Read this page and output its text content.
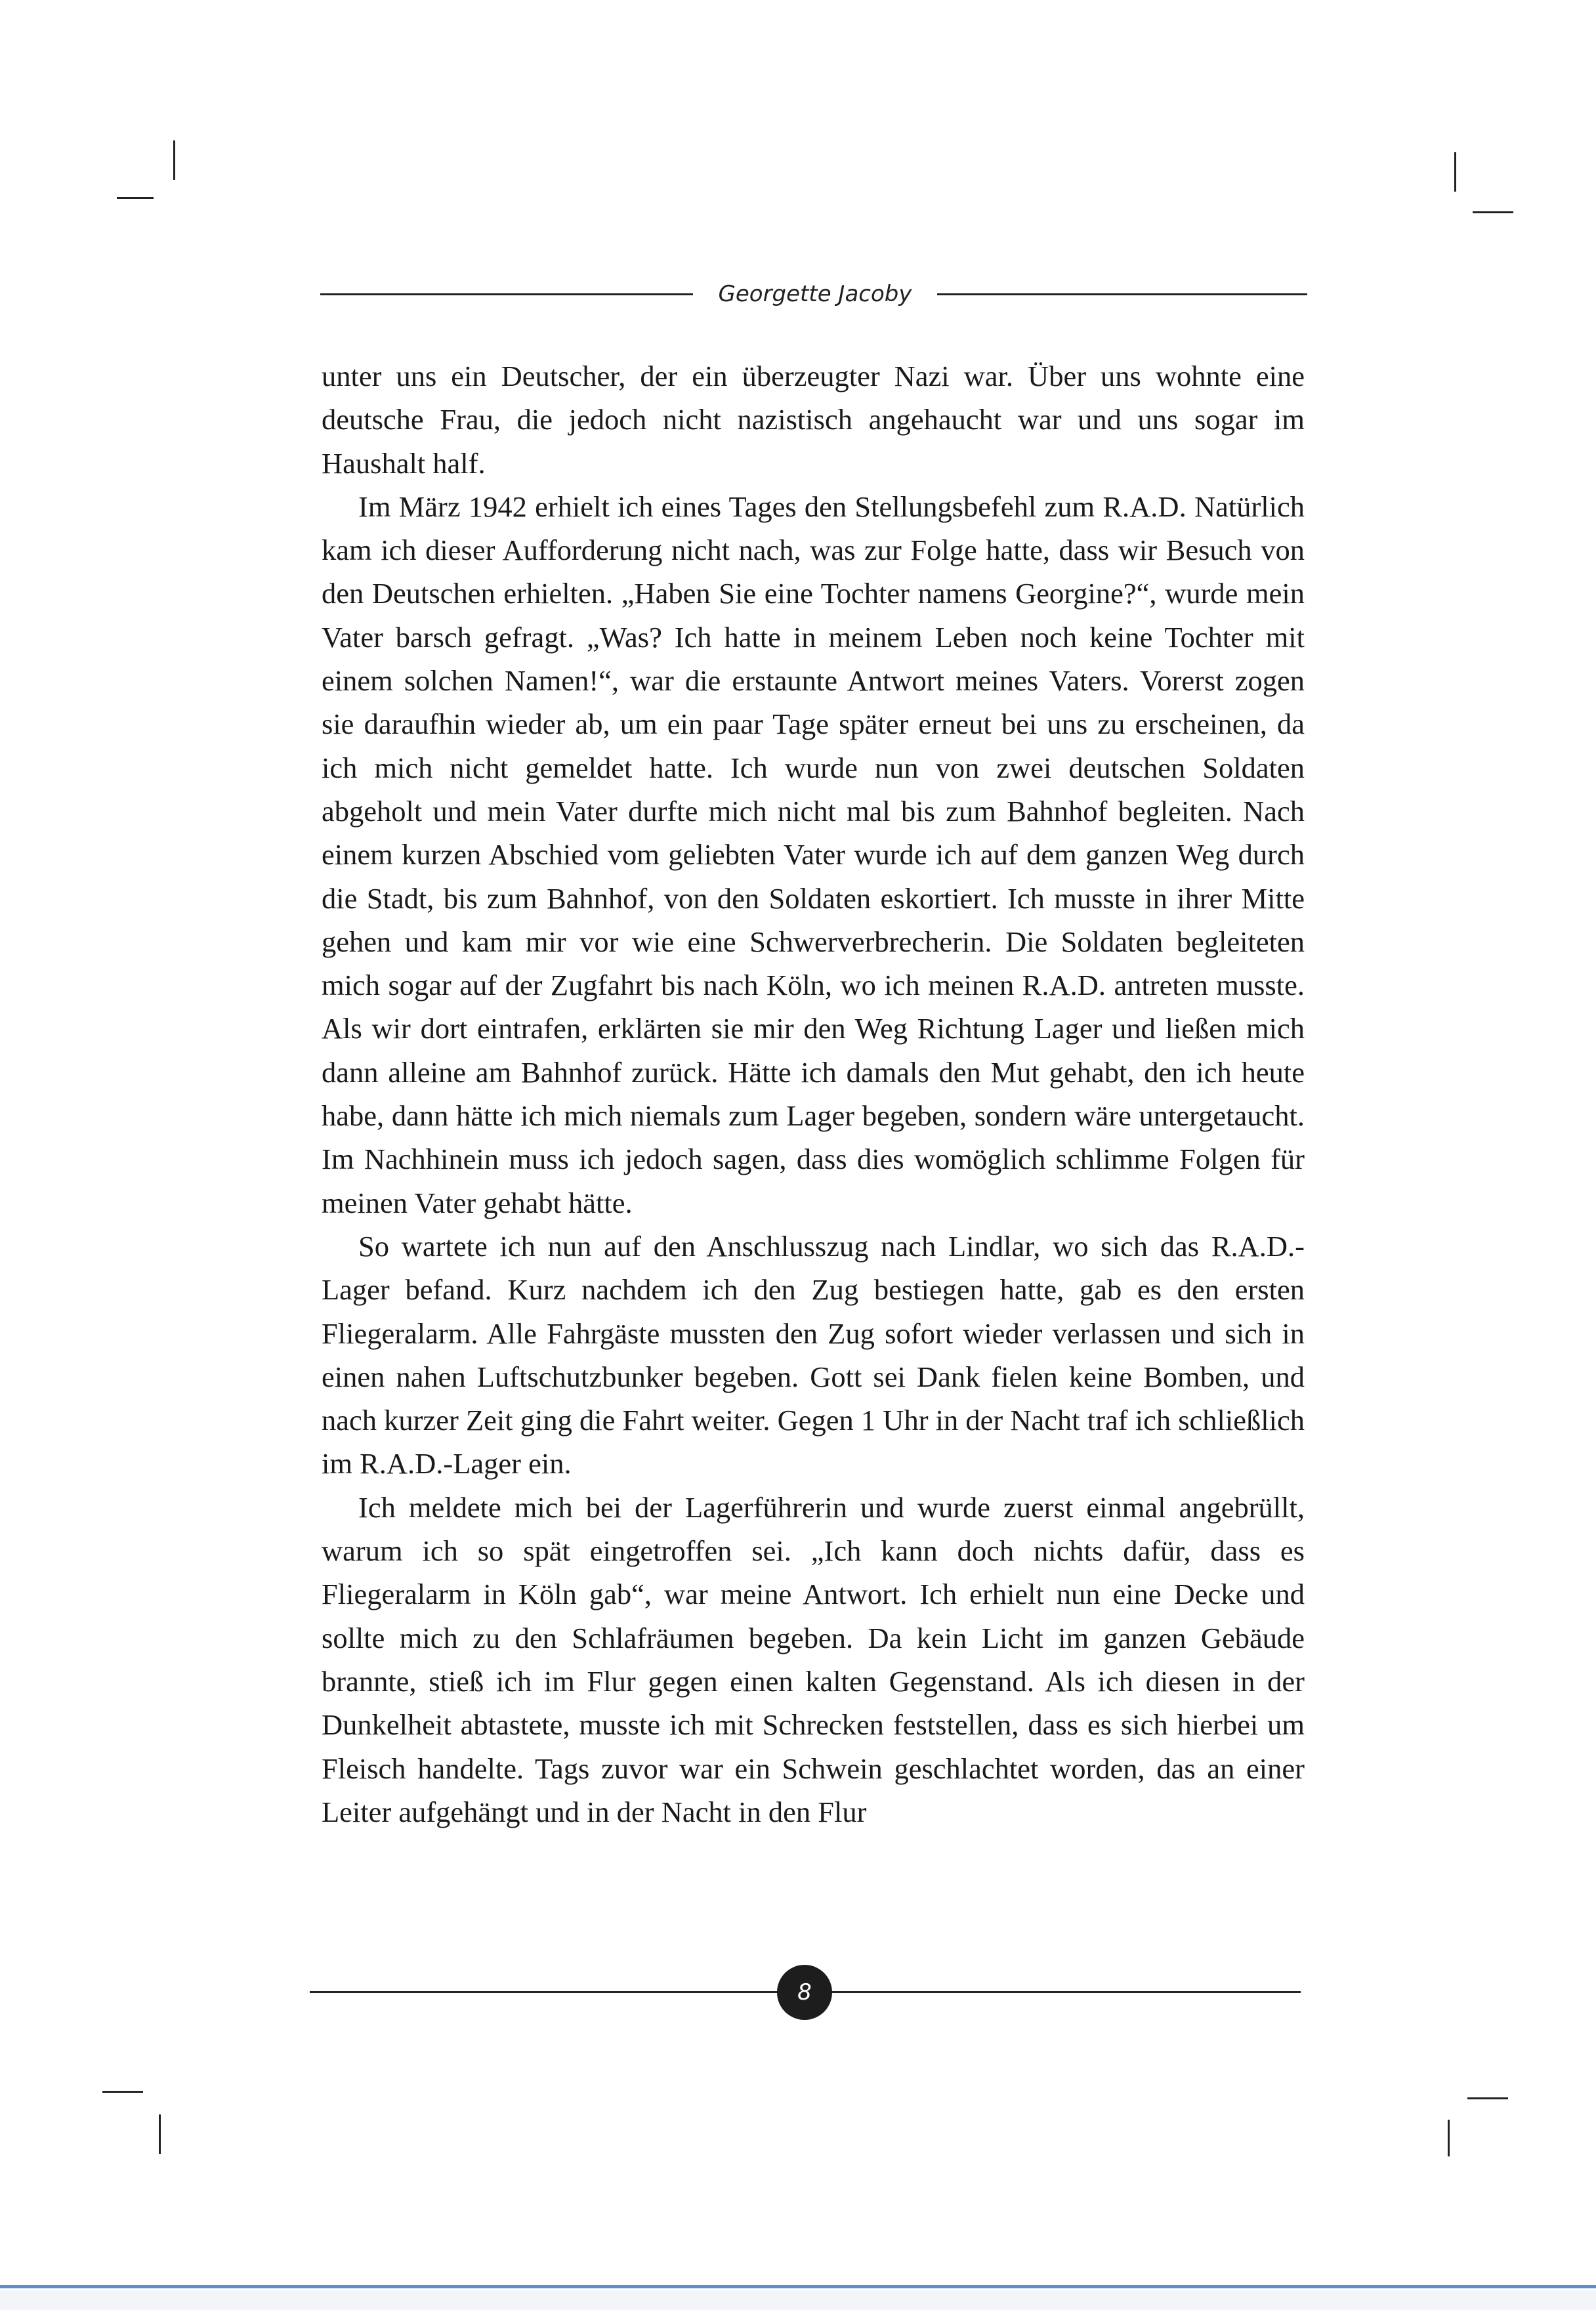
Georgette Jacoby

unter uns ein Deutscher, der ein überzeugter Nazi war. Über uns wohnte eine deutsche Frau, die jedoch nicht nazistisch angehaucht war und uns sogar im Haushalt half.

Im März 1942 erhielt ich eines Tages den Stellungsbefehl zum R.A.D. Natürlich kam ich dieser Aufforderung nicht nach, was zur Folge hatte, dass wir Besuch von den Deutschen erhielten. „Haben Sie eine Tochter namens Georgine?“, wurde mein Vater barsch gefragt. „Was? Ich hatte in meinem Leben noch keine Tochter mit einem solchen Namen!“, war die erstaunte Antwort meines Vaters. Vorerst zogen sie daraufhin wieder ab, um ein paar Tage später erneut bei uns zu erscheinen, da ich mich nicht gemeldet hatte. Ich wurde nun von zwei deutschen Soldaten abgeholt und mein Vater durfte mich nicht mal bis zum Bahnhof begleiten. Nach einem kurzen Abschied vom geliebten Vater wurde ich auf dem ganzen Weg durch die Stadt, bis zum Bahnhof, von den Soldaten eskortiert. Ich musste in ihrer Mitte gehen und kam mir vor wie eine Schwerverbrecherin. Die Soldaten begleiteten mich sogar auf der Zugfahrt bis nach Köln, wo ich meinen R.A.D. antreten musste. Als wir dort eintrafen, erklärten sie mir den Weg Richtung Lager und ließen mich dann alleine am Bahnhof zurück. Hätte ich damals den Mut gehabt, den ich heute habe, dann hätte ich mich niemals zum Lager begeben, sondern wäre untergetaucht. Im Nachhinein muss ich jedoch sagen, dass dies womöglich schlimme Folgen für meinen Vater gehabt hätte.

So wartete ich nun auf den Anschlusszug nach Lindlar, wo sich das R.A.D.-Lager befand. Kurz nachdem ich den Zug bestiegen hatte, gab es den ersten Fliegeralarm. Alle Fahrgäste mussten den Zug sofort wieder verlassen und sich in einen nahen Luftschutzbunker begeben. Gott sei Dank fielen keine Bomben, und nach kurzer Zeit ging die Fahrt weiter. Gegen 1 Uhr in der Nacht traf ich schließlich im R.A.D.-Lager ein.

Ich meldete mich bei der Lagerführerin und wurde zuerst einmal angebrüllt, warum ich so spät eingetroffen sei. „Ich kann doch nichts dafür, dass es Fliegeralarm in Köln gab“, war meine Antwort. Ich erhielt nun eine Decke und sollte mich zu den Schlafräumen begeben. Da kein Licht im ganzen Gebäude brannte, stieß ich im Flur gegen einen kalten Gegenstand. Als ich diesen in der Dunkelheit abtastete, musste ich mit Schrecken feststellen, dass es sich hierbei um Fleisch handelte. Tags zuvor war ein Schwein geschlachtet worden, das an einer Leiter aufgehängt und in der Nacht in den Flur

8
